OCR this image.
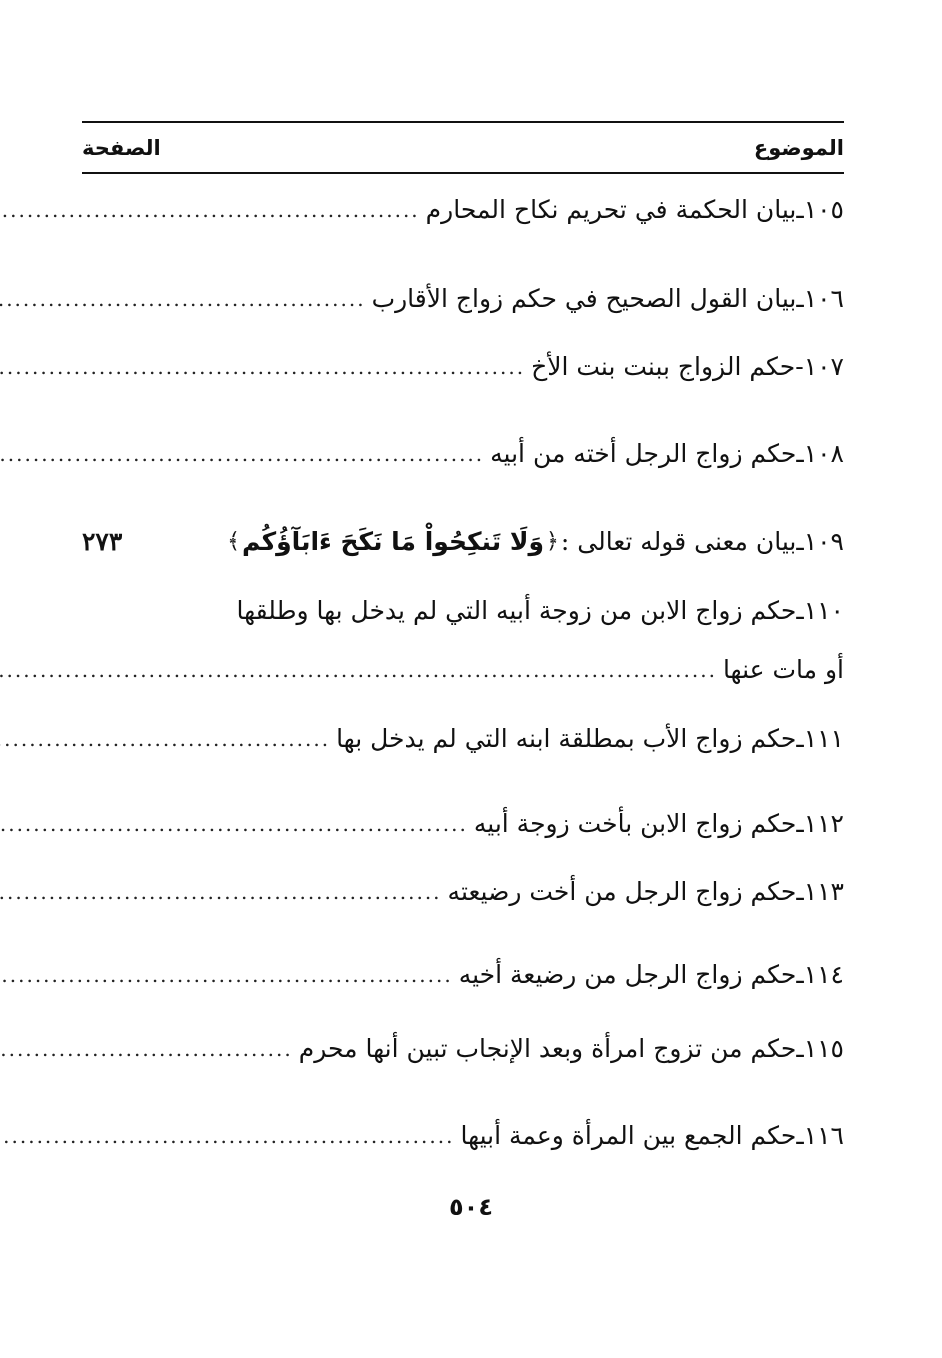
الموضوع
الصفحة
١٠٥
ـ
بيان الحكمة في تحريم نكاح المحارم
.....
١٠٦
ـ
بيان القول الصحيح في حكم زواج الأقارب
.....
١٠٧
-
حكم الزواج ببنت بنت الأخ
.....
١٠٨
ـ
حكم زواج الرجل أخته من أبيه
.....
١٠٩
ـ
بيان معنى قوله تعالى :
﴿
وَلَا تَنكِحُواْ مَا نَكَحَ ءَابَآؤُكُم
﴾
٢٧٣
١١٠
ـ
حكم زواج الابن من زوجة أبيه التي لم يدخل بها وطلقها
أو مات عنها
.....
١١١
ـ
حكم زواج الأب بمطلقة ابنه التي لم يدخل بها
.....
١١٢
ـ
حكم زواج الابن بأخت زوجة أبيه
.....
١١٣
ـ
حكم زواج الرجل من أخت رضيعته
.....
١١٤
ـ
حكم زواج الرجل من رضيعة أخيه
.....
١١٥
ـ
حكم من تزوج امرأة وبعد الإنجاب تبين أنها محرم
.....
١١٦
ـ
حكم الجمع بين المرأة وعمة أبيها
.....
٥٠٤
